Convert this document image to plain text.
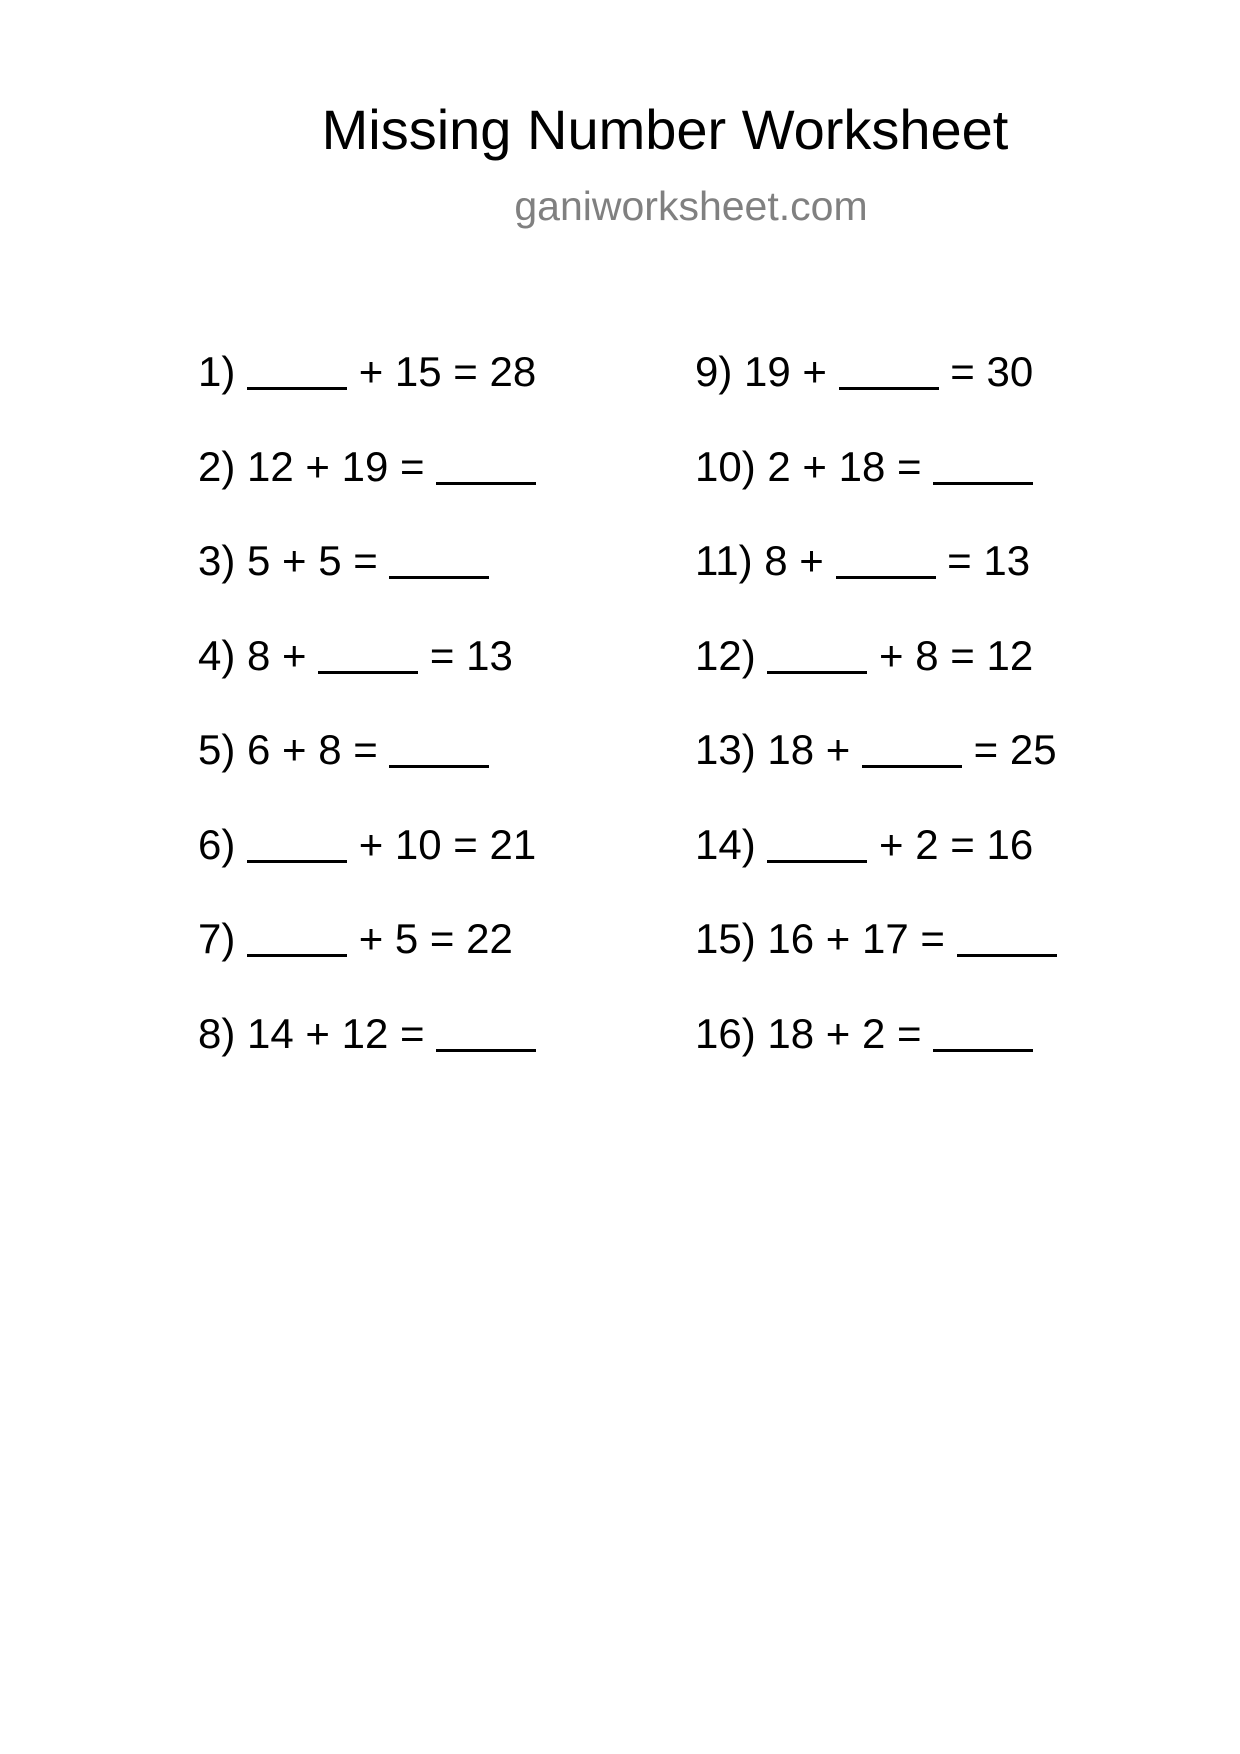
Missing Number Worksheet
ganiworksheet.com
1)	+ 15 = 28
2) 12 + 19 =
3) 5 + 5 =
4) 8 +  = 13
5) 6 + 8 =
6)	+ 10 = 21
7)	+ 5 = 22
8) 14 + 12 =
9) 19 +  = 30
10) 2 + 18 =
11) 8 +  = 13
12)	+ 8 = 12
13) 18 +  = 25
14)	+ 2 = 16
15) 16 + 17 =
16) 18 + 2 =
